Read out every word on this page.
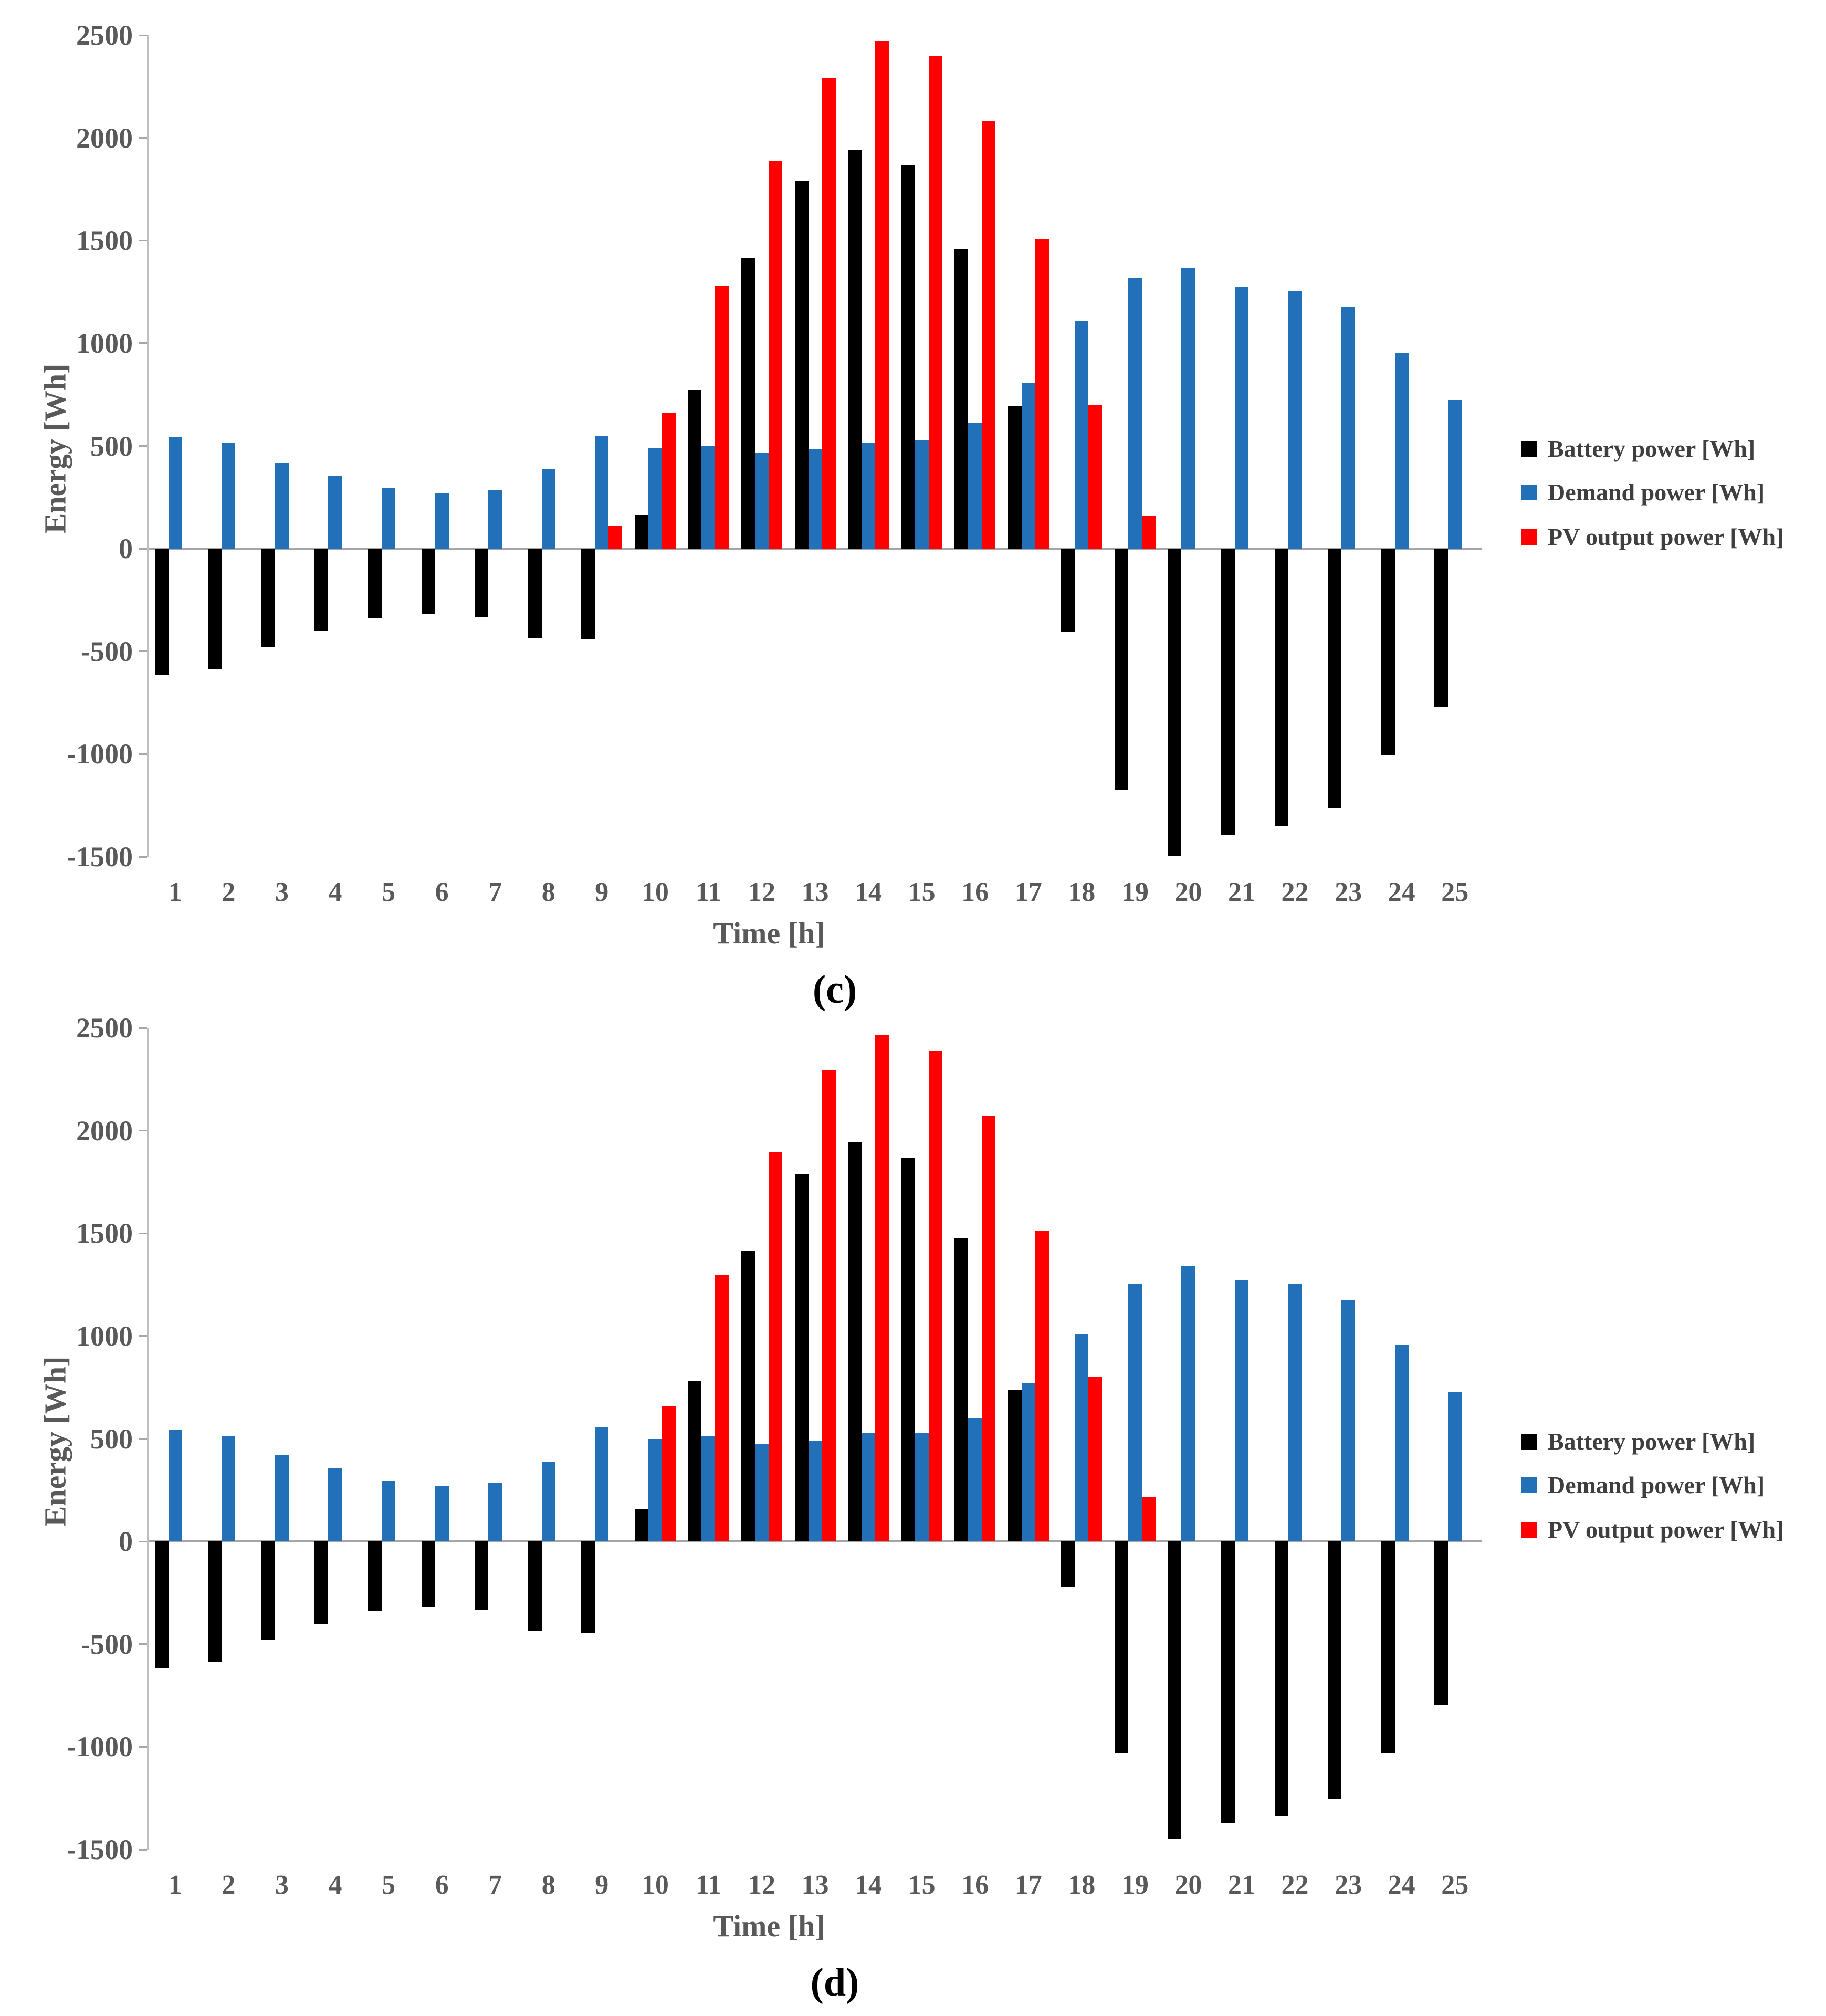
Energy [Wh]
2500
2000
1500
1000
500
0
-500
-1000
-1500
1	2	3	4	5	6	7	8	9	10 11 12 13 14 15 16 17 18 19 20 21 22 23 24 25
Battery power [Wh]
Demand power [Wh]
PV output power [Wh]
Time [h]
(c)
Energy [Wh]
2500
2000
1500
1000
500
0
-500
-1000
-1500
1	2	3	4	5	6	7	8	9	10 11 12 13 14 15 16 17 18 19 20 21 22 23 24 25
Battery power [Wh]
Demand power [Wh]
PV output power [Wh]
Time [h]
(d)
